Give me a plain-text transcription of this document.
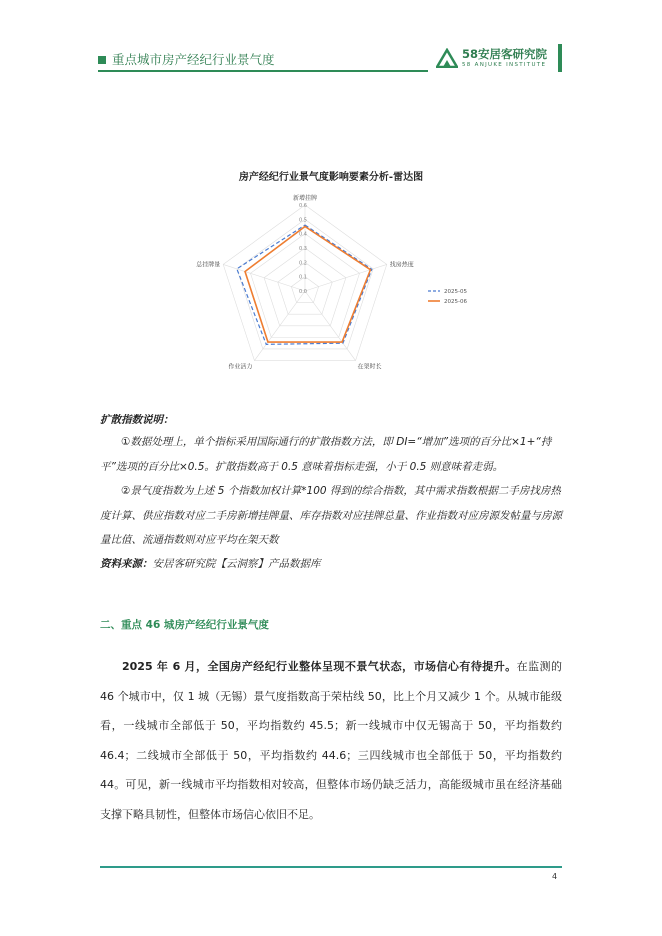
重点城市房产经纪行业景气度	58安居客研究院
58 ANJUKE INSTITUTE
房产经纪行业景气度影响要素分析-雷达图
0.0
0.1
0.2
0.3
0.4
0.5
0.6
新增挂牌
找房热度
在架时长
作业活力
总挂牌量
2025-05
2025-06
扩散指数说明：
①数据处理上，单个指标采用国际通行的扩散指数方法，即 DI=“增加”选项的百分比×1+“持平”选项的百分比×0.5。扩散指数高于 0.5 意味着指标走强，小于 0.5 则意味着走弱。
②景气度指数为上述 5 个指数加权计算*100 得到的综合指数，其中需求指数根据二手房找房热度计算、供应指数对应二手房新增挂牌量、库存指数对应挂牌总量、作业指数对应房源发帖量与房源量比值、流通指数则对应平均在架天数
资料来源：安居客研究院【云洞察】产品数据库
二、重点 46 城房产经纪行业景气度
2025 年 6 月，全国房产经纪行业整体呈现不景气状态，市场信心有待提升。在监测的 46 个城市中，仅 1 城（无锡）景气度指数高于荣枯线 50，比上个月又减少 1 个。从城市能级看，一线城市全部低于 50，平均指数约 45.5；新一线城市中仅无锡高于 50，平均指数约 46.4；二线城市全部低于 50，平均指数约 44.6；三四线城市也全部低于 50，平均指数约 44。可见，新一线城市平均指数相对较高，但整体市场仍缺乏活力，高能级城市虽在经济基础支撑下略具韧性，但整体市场信心依旧不足。
4
